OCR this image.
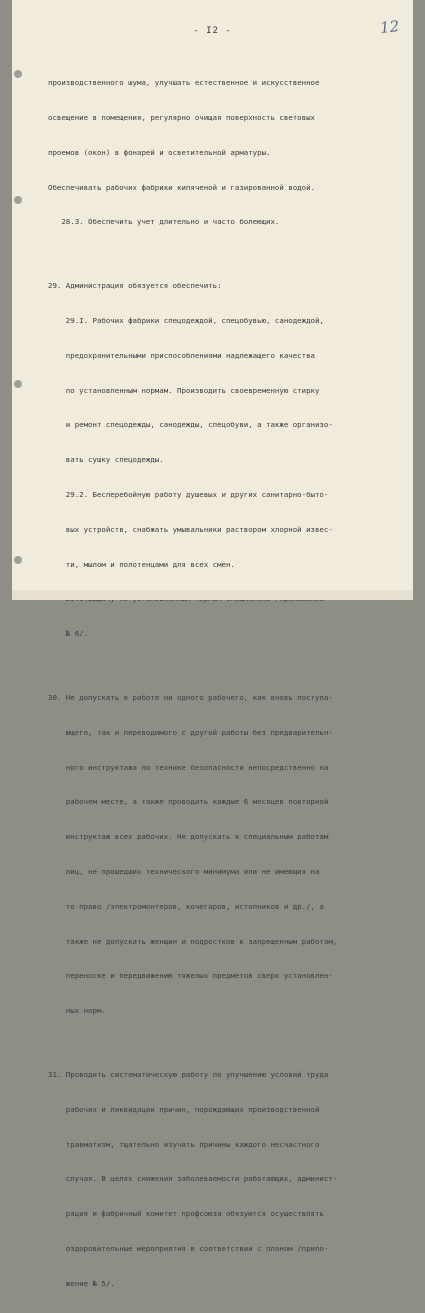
- I2 -	12

производственного шума, улучшать естественное и искусственное

освещение в помещения, регулярно очищая поверхность световых

проемов (окон) в фонарей и осветительной арматуры.

Обеспечивать рабочих фабрики кипяченой и газированной водой.

28.3. Обеспечить учет длительно и часто болеющих.

29. Администрация обязуется обеспечить:

29.I. Рабочих фабрики спецодеждой, спецобувью, санодеждой,

предохранительными приспособлениями надлежащего качества

по установленным нормам. Производить своевременную стирку

и ремонт спецодежды, санодежды, спецобуви, а также организо-

вать сушку спецодежды.

29.2. Бесперебойную работу душевых и других санитарно-быто-

вых устройств, снабжать умывальники раствором хлорной извес-

ти, мылом и полотенцами для всех смен.

№ 6/.

30. Не допускать к работе ни одного рабочего, как вновь поступа-

ющего, так и переводимого с другой работы без предварительн-

ного инструктажа по технике безопасности непосредственно на

рабочем месте, а также проводить каждые 6 месяцев повторной

инструктаж всех рабочих. Не допускать к специальным работам

лиц, не прошедших технического минимума или не имеющих на

то право /электромонтеров, кочегаров, истопников и др./, а

также не допускать женщин и подростков к запрещенным работам,

переноске и передвижению тяжелых предметов сверх установлен-

ных норм.

31. Проводить систематическую работу по улучшению условий труда

рабочих и ликвидации причин, порождающих производственной

травматизм, тщательно изучать причины каждого несчастного

случая. В целях снижения заболеваемости работающих, админист-

рация и фабричный комитет профсоюза обязуются осуществлять

оздоровительные мероприятия в соответствии с планом /прило-

жение № 5/.
